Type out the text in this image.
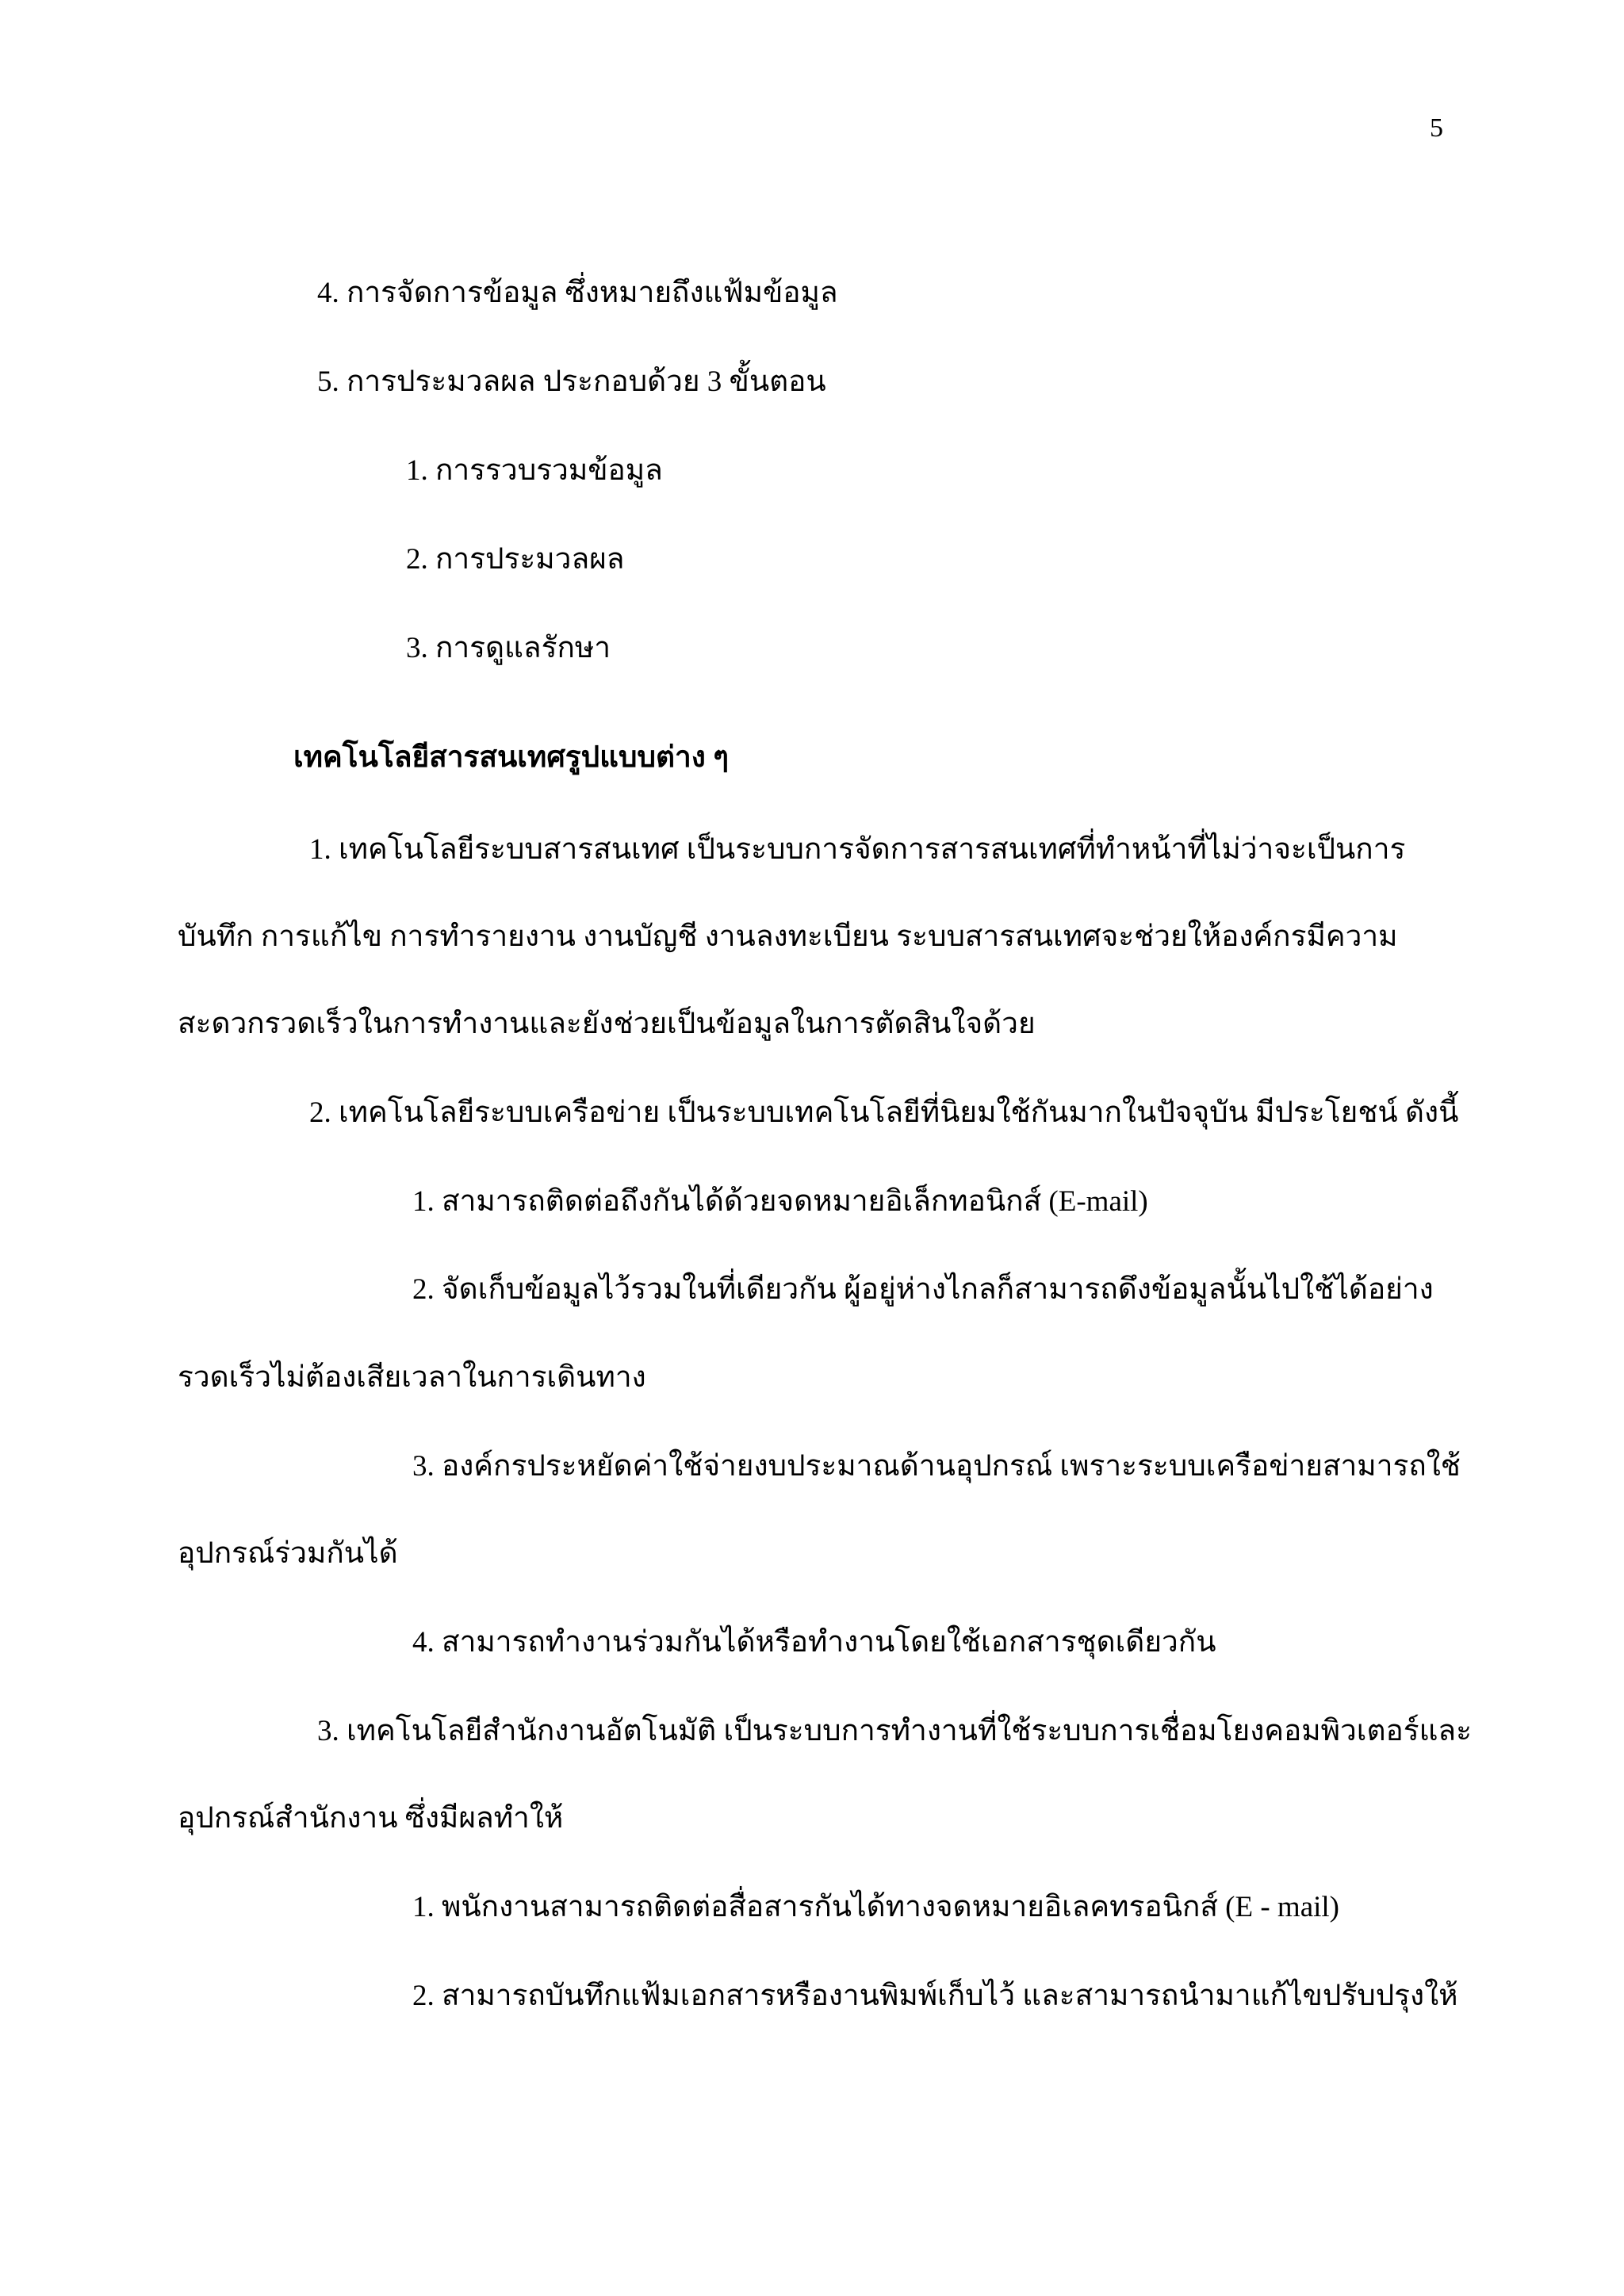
5
4. การจัดการข้อมูล ซึ่งหมายถึงแฟ้มข้อมูล
5. การประมวลผล ประกอบด้วย 3 ขั้นตอน
1. การรวบรวมข้อมูล
2. การประมวลผล
3. การดูแลรักษา
เทคโนโลยีสารสนเทศรูปแบบต่าง ๆ
1. เทคโนโลยีระบบสารสนเทศ เป็นระบบการจัดการสารสนเทศที่ทำหน้าที่ไม่ว่าจะเป็นการ
บันทึก การแก้ไข การทำรายงาน งานบัญชี งานลงทะเบียน ระบบสารสนเทศจะช่วยให้องค์กรมีความ
สะดวกรวดเร็วในการทำงานและยังช่วยเป็นข้อมูลในการตัดสินใจด้วย
2. เทคโนโลยีระบบเครือข่าย เป็นระบบเทคโนโลยีที่นิยมใช้กันมากในปัจจุบัน มีประโยชน์ ดังนี้
1. สามารถติดต่อถึงกันได้ด้วยจดหมายอิเล็กทอนิกส์ (E-mail)
2. จัดเก็บข้อมูลไว้รวมในที่เดียวกัน ผู้อยู่ห่างไกลก็สามารถดึงข้อมูลนั้นไปใช้ได้อย่าง
รวดเร็วไม่ต้องเสียเวลาในการเดินทาง
3. องค์กรประหยัดค่าใช้จ่ายงบประมาณด้านอุปกรณ์ เพราะระบบเครือข่ายสามารถใช้
อุปกรณ์ร่วมกันได้
4. สามารถทำงานร่วมกันได้หรือทำงานโดยใช้เอกสารชุดเดียวกัน
3. เทคโนโลยีสำนักงานอัตโนมัติ เป็นระบบการทำงานที่ใช้ระบบการเชื่อมโยงคอมพิวเตอร์และ
อุปกรณ์สำนักงาน ซึ่งมีผลทำให้
1. พนักงานสามารถติดต่อสื่อสารกันได้ทางจดหมายอิเลคทรอนิกส์ (E - mail)
2. สามารถบันทึกแฟ้มเอกสารหรืองานพิมพ์เก็บไว้ และสามารถนำมาแก้ไขปรับปรุงให้
